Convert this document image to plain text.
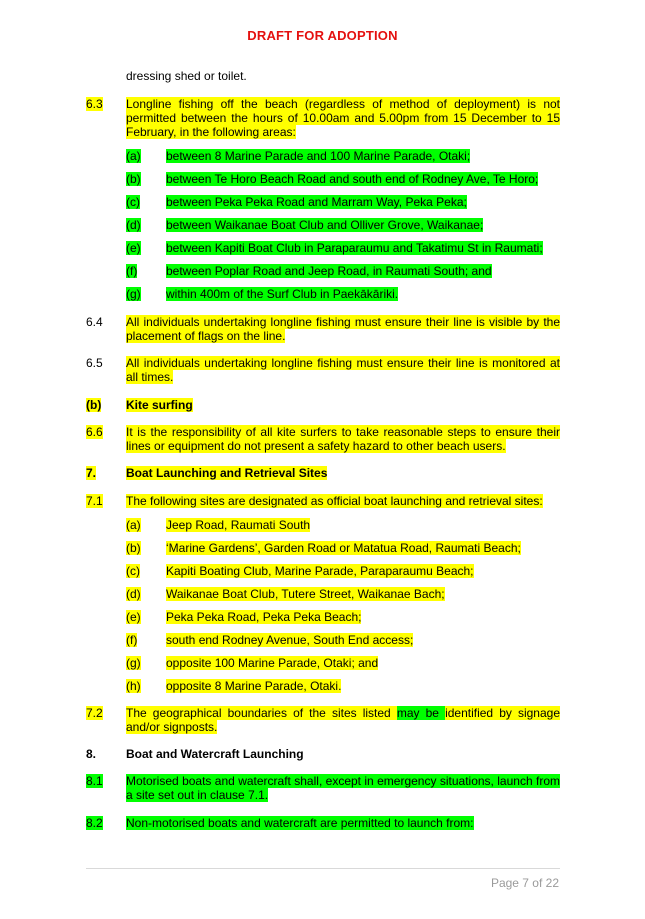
DRAFT FOR ADOPTION
dressing shed or toilet.
6.3 Longline fishing off the beach (regardless of method of deployment) is not permitted between the hours of 10.00am and 5.00pm from 15 December to 15 February, in the following areas:
(a) between 8 Marine Parade and 100 Marine Parade, Otaki;
(b) between Te Horo Beach Road and south end of Rodney Ave, Te Horo;
(c) between Peka Peka Road and Marram Way, Peka Peka;
(d) between Waikanae Boat Club and Olliver Grove, Waikanae;
(e) between Kapiti Boat Club in Paraparaumu and Takatimu St in Raumati;
(f) between Poplar Road and Jeep Road, in Raumati South; and
(g) within 400m of the Surf Club in Paekākāriki.
6.4 All individuals undertaking longline fishing must ensure their line is visible by the placement of flags on the line.
6.5 All individuals undertaking longline fishing must ensure their line is monitored at all times.
(b) Kite surfing
6.6 It is the responsibility of all kite surfers to take reasonable steps to ensure their lines or equipment do not present a safety hazard to other beach users.
7. Boat Launching and Retrieval Sites
7.1 The following sites are designated as official boat launching and retrieval sites:
(a) Jeep Road, Raumati South
(b) ‘Marine Gardens’, Garden Road or Matatua Road, Raumati Beach;
(c) Kapiti Boating Club, Marine Parade, Paraparaumu Beach;
(d) Waikanae Boat Club, Tutere Street, Waikanae Bach;
(e) Peka Peka Road, Peka Peka Beach;
(f) south end Rodney Avenue, South End access;
(g) opposite 100 Marine Parade, Otaki; and
(h) opposite 8 Marine Parade, Otaki.
7.2 The geographical boundaries of the sites listed may be identified by signage and/or signposts.
8. Boat and Watercraft Launching
8.1 Motorised boats and watercraft shall, except in emergency situations, launch from a site set out in clause 7.1.
8.2 Non-motorised boats and watercraft are permitted to launch from:
Page 7 of 22
